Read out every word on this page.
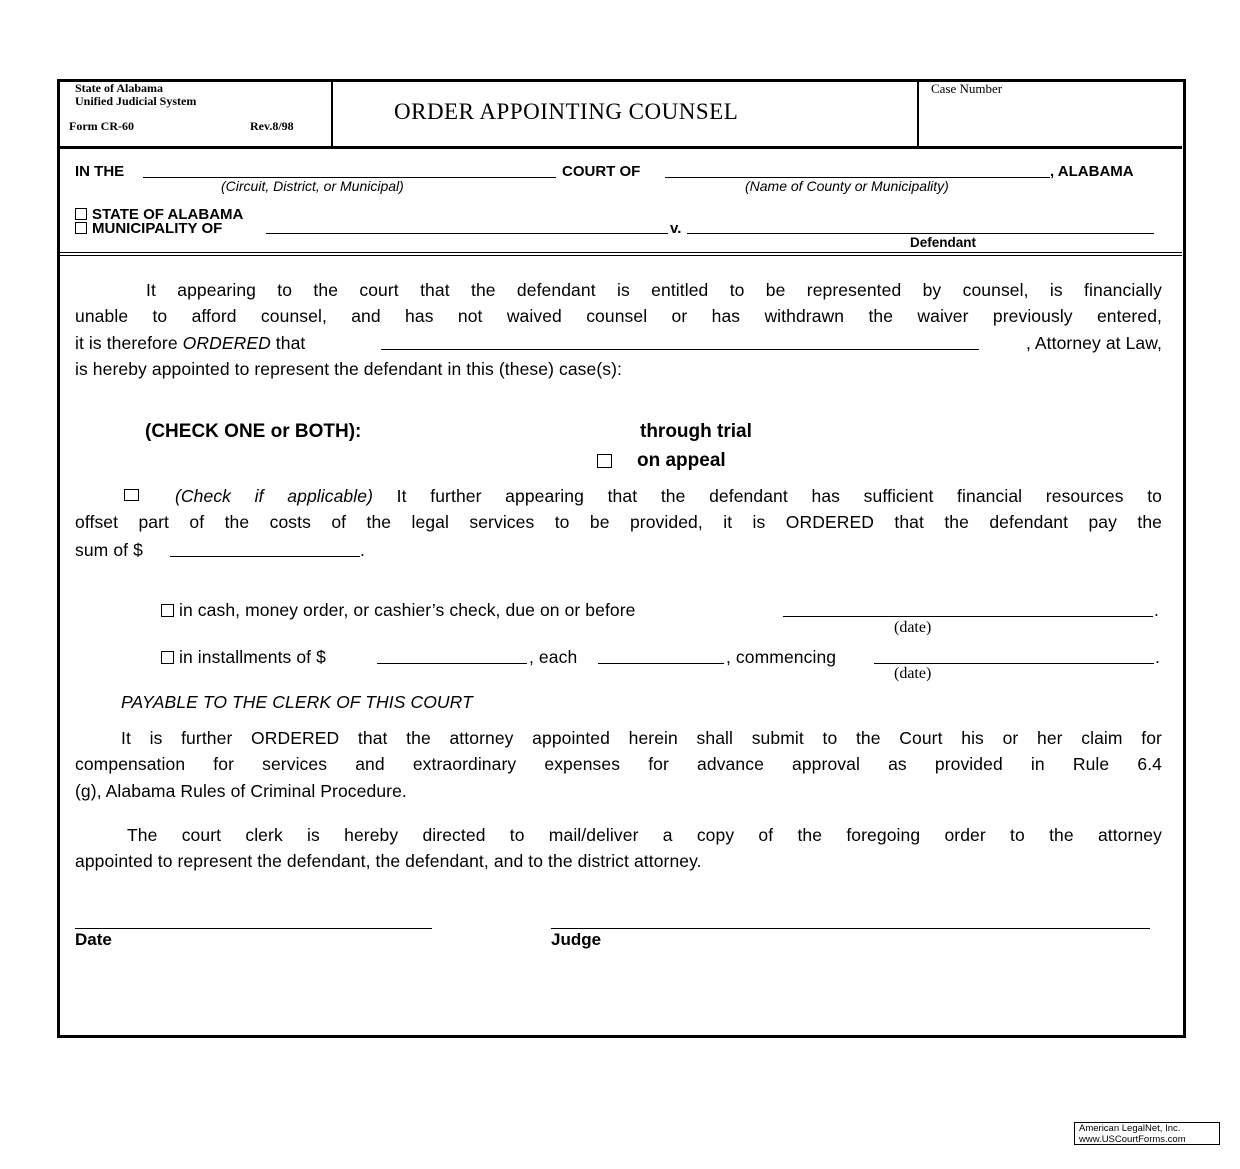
State of Alabama
Unified Judicial System
Form CR-60	Rev.8/98
ORDER APPOINTING COUNSEL
Case Number
IN THE	COURT OF	, ALABAMA
(Circuit, District, or Municipal)	(Name of County or Municipality)
STATE OF ALABAMA
MUNICIPALITY OF	v.
Defendant
It appearing to the court that the defendant is entitled to be represented by counsel, is financially
unable to afford counsel, and has not waived counsel or has withdrawn the waiver previously entered,
it is therefore ORDERED that	, Attorney at Law,
is hereby appointed to represent the defendant in this (these) case(s):
(CHECK ONE or BOTH):	through trial
on appeal
(Check if applicable) It further appearing that the defendant has sufficient financial resources to
offset part of the costs of the legal services to be provided, it is ORDERED that the defendant pay the
sum of $	.
in cash, money order, or cashier’s check, due on or before	.
(date)
in installments of $	, each	, commencing	.
(date)
PAYABLE TO THE CLERK OF THIS COURT
It is further ORDERED that the attorney appointed herein shall submit to the Court his or her claim for
compensation for services and extraordinary expenses for advance approval as provided in Rule 6.4
(g), Alabama Rules of Criminal Procedure.
The court clerk is hereby directed to mail/deliver a copy of the foregoing order to the attorney
appointed to represent the defendant, the defendant, and to the district attorney.
Date	Judge
American LegalNet, Inc.
www.USCourtForms.com
